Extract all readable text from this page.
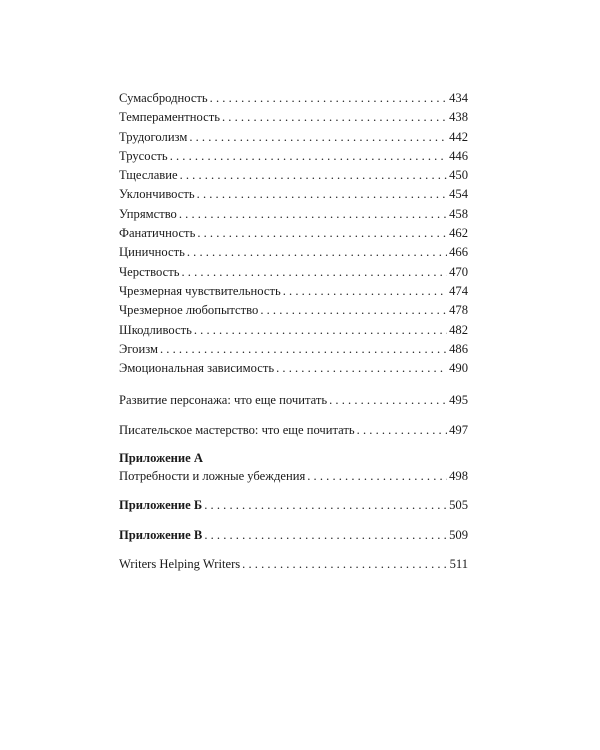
Сумасбродность . . .	434
Темпераментность . . .	438
Трудоголизм . . .	442
Трусость . . .	446
Тщеславие . . .	450
Уклончивость . . .	454
Упрямство . . .	458
Фанатичность . . .	462
Циничность . . .	466
Черствость . . .	470
Чрезмерная чувствительность . . .	474
Чрезмерное любопытство . . .	478
Шкодливость . . .	482
Эгоизм . . .	486
Эмоциональная зависимость . . .	490
Развитие персонажа: что еще почитать . . .	495
Писательское мастерство: что еще почитать . . .	497
Приложение А
Потребности и ложные убеждения . . .	498
Приложение Б . . .	505
Приложение В . . .	509
Writers Helping Writers . . .	511
